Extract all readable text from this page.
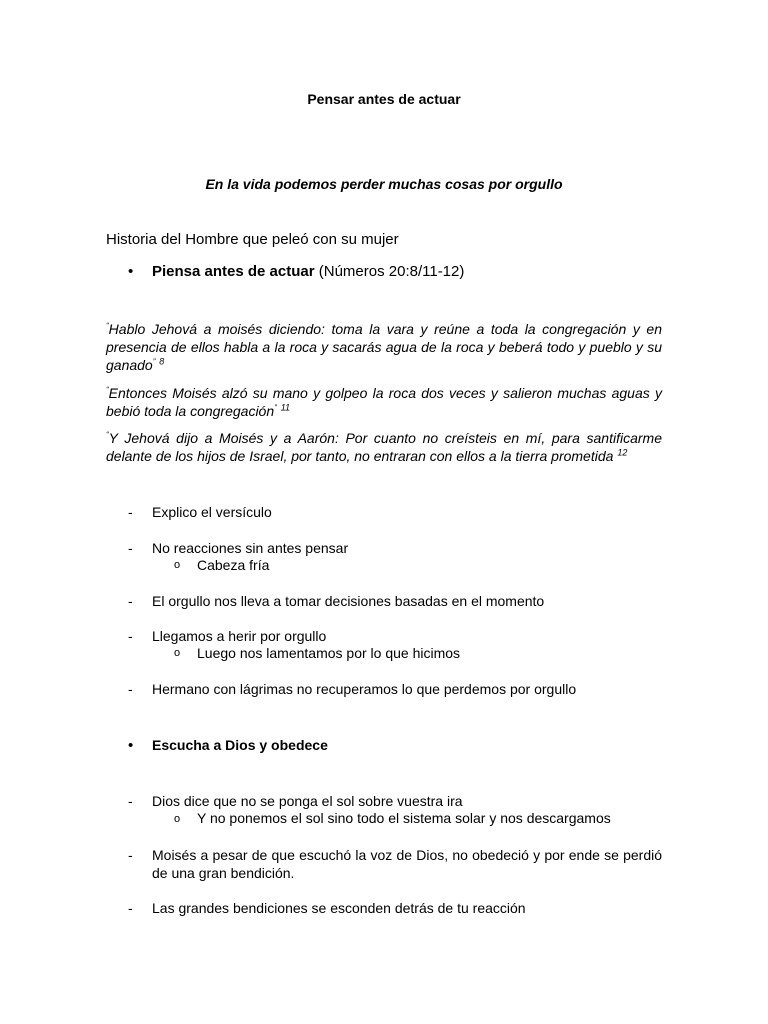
Pensar antes de actuar
En la vida podemos perder muchas cosas por orgullo
Historia del Hombre que peleó con su mujer
• Piensa antes de actuar (Números 20:8/11-12)
“Hablo Jehová a moisés diciendo: toma la vara y reúne a toda la congregación y en presencia de ellos habla a la roca y sacarás agua de la roca y beberá todo y pueblo y su ganado” $^8$
“Entonces Moisés alzó su mano y golpeo la roca dos veces y salieron muchas aguas y bebió toda la congregación” $^{11}$
“Y Jehová dijo a Moisés y a Aarón: Por cuanto no creísteis en mí, para santificarme delante de los hijos de Israel, por tanto, no entraran con ellos a la tierra prometida $^{12}$
- Explico el versículo
- No reacciones sin antes pensar
o Cabeza fría
- El orgullo nos lleva a tomar decisiones basadas en el momento
- Llegamos a herir por orgullo
o Luego nos lamentamos por lo que hicimos
- Hermano con lágrimas no recuperamos lo que perdemos por orgullo
• Escucha a Dios y obedece
- Dios dice que no se ponga el sol sobre vuestra ira
o Y no ponemos el sol sino todo el sistema solar y nos descargamos
- Moisés a pesar de que escuchó la voz de Dios, no obedeció y por ende se perdió de una gran bendición.
- Las grandes bendiciones se esconden detrás de tu reacción
